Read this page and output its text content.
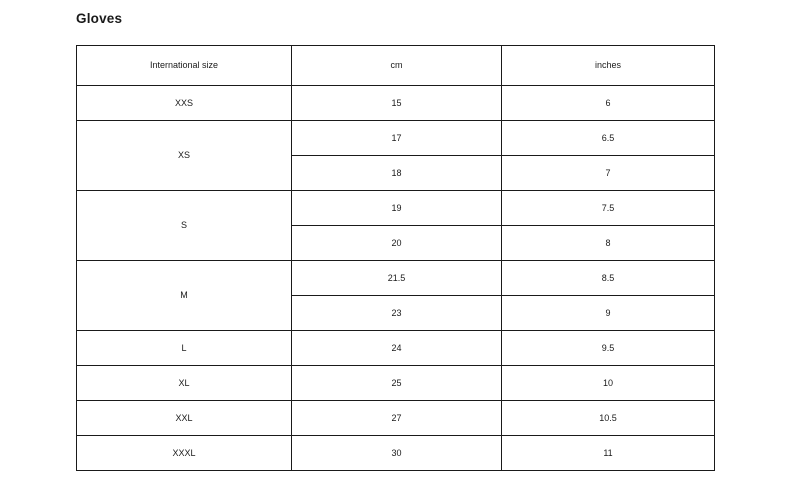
Gloves
International size	cm	inches
XXS	15	6
XS	17	6.5
	18	7
S	19	7.5
	20	8
M	21.5	8.5
	23	9
L	24	9.5
XL	25	10
XXL	27	10.5
XXXL	30	11
